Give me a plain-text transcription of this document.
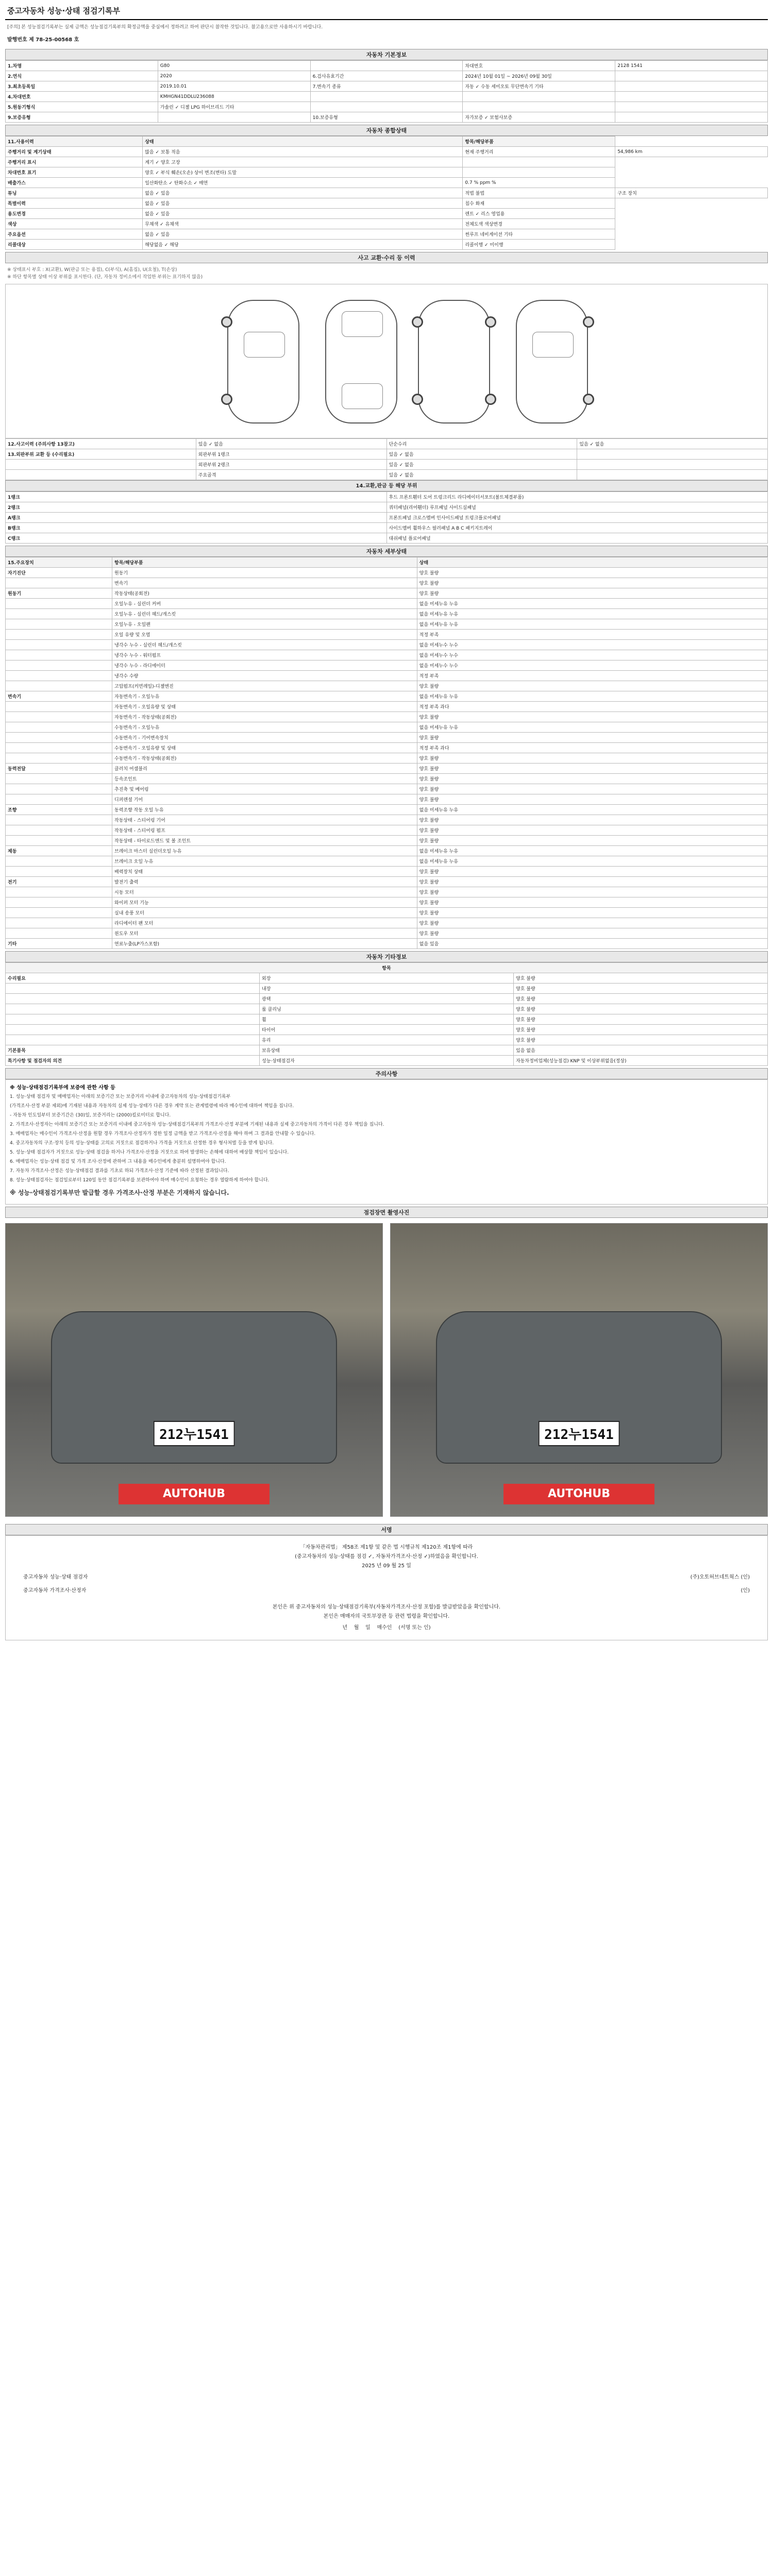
중고자동차 성능·상태 점검기록부
[주의] 본 성능점검기록부는 실제 금액은 성능점검기록부의 확정금액을 중심에서 정하려고 하여 판단시 참작한 것입니다. 참고용으로만 사용하시기 바랍니다.
발행번호 제 78-25-00568 호
자동차 기본정보
1.차명	G80		차대번호	2128 1541
2.연식	2020	6.검사유효기간	2024년 10월 01일 ~ 2026년 09월 30일	
3.최초등록일	2019.10.01	7.변속기 종류	자동 ✓ 수동 세미오토 무단변속기 기타	
4.차대번호	KMHGN41DDLU236088			
5.원동기형식	가솔린 ✓ 디젤 LPG 하이브리드 기타			
9.보증유형		10.보증유형	자가보증 ✓ 보험사보증	
자동차 종합상태
11.사용이력	상태	항목/해당부품	
주행거리 및 계기상태	많음 ✓ 보통 적음	현재 주행거리	54,986 km
주행거리 표시	계기 ✓ 양호 고장		
차대번호 표기	양호 ✓ 부식 훼손(오손) 상이 변조(변타) 도말		
배출가스	일산화탄소 ✓ 탄화수소 ✓ 매연	0.7 % ppm %	
튜닝	없음 ✓ 있음	적법 불법	구조 장치
특별이력	없음 ✓ 있음	침수 화재	
용도변경	없음 ✓ 있음	렌트 ✓ 리스 영업용	
색상	무채색 ✓ 유채색	전체도색 색상변경	
주요옵션	없음 ✓ 있음	썬루프 네비게이션 기타	
리콜대상	해당없음 ✓ 해당	리콜이행 ✓ 미이행	
사고 교환·수리 등 이력
※ 상태표시 부호 : X(교환), W(판금 또는 용접), C(부식), A(흠집), U(요철), T(손상)
※ 하단 항목별 상태 이상 부위를 표시한다. (단, 자동차 정비소에서 작업한 부위는 표기하지 않음)
12.사고이력 (주의사항 13참고)	있음 ✓ 없음	단순수리	있음 ✓ 없음
13.외판부위 교환 등 (수리필요)	외판부위 1랭크	있음 ✓ 없음	
	외판부위 2랭크	있음 ✓ 없음	
	주요골격	있음 ✓ 없음	
14.교환,판금 등 해당 부위
1랭크	후드 프론트휀더 도어 트렁크리드 라디에이터서포트(볼트체결부품)
2랭크	쿼터패널(리어휀더) 루프패널 사이드실패널
A랭크	프론트패널 크로스멤버 인사이드패널 트렁크플로어패널
B랭크	사이드멤버 휠하우스 필러패널 A B C 패키지트레이
C랭크	대쉬패널 플로어패널
자동차 세부상태
15.주요장치	항목/해당부품	상태
자기진단	원동기	양호 불량
	변속기	양호 불량
원동기	작동상태(공회전)	양호 불량
	오일누유 - 실린더 커버	없음 미세누유 누유
	오일누유 - 실린더 헤드/개스킷	없음 미세누유 누유
	오일누유 - 오일팬	없음 미세누유 누유
	오일 유량 및 오염	적정 부족
	냉각수 누수 - 실린더 헤드/개스킷	없음 미세누수 누수
	냉각수 누수 - 워터펌프	없음 미세누수 누수
	냉각수 누수 - 라디에이터	없음 미세누수 누수
	냉각수 수량	적정 부족
	고압펌프(커먼레일)-디젤엔진	양호 불량
변속기	자동변속기 - 오일누유	없음 미세누유 누유
	자동변속기 - 오일유량 및 상태	적정 부족 과다
	자동변속기 - 작동상태(공회전)	양호 불량
	수동변속기 - 오일누유	없음 미세누유 누유
	수동변속기 - 기어변속장치	양호 불량
	수동변속기 - 오일유량 및 상태	적정 부족 과다
	수동변속기 - 작동상태(공회전)	양호 불량
동력전달	클러치 어셈블리	양호 불량
	등속조인트	양호 불량
	추진축 및 베어링	양호 불량
	디퍼렌셜 기어	양호 불량
조향	동력조향 작동 오일 누유	없음 미세누유 누유
	작동상태 - 스티어링 기어	양호 불량
	작동상태 - 스티어링 펌프	양호 불량
	작동상태 - 타이로드엔드 및 볼 조인트	양호 불량
제동	브레이크 마스터 실린더오일 누유	없음 미세누유 누유
	브레이크 오일 누유	없음 미세누유 누유
	배력장치 상태	양호 불량
전기	발전기 출력	양호 불량
	시동 모터	양호 불량
	와이퍼 모터 기능	양호 불량
	실내 송풍 모터	양호 불량
	라디에이터 팬 모터	양호 불량
	윈도우 모터	양호 불량
기타	연료누출(LP가스포함)	없음 있음
자동차 기타정보
항목		
수리필요	외장	양호 불량
	내장	양호 불량
	광택	양호 불량
	룸 클리닝	양호 불량
	휠	양호 불량
	타이어	양호 불량
	유리	양호 불량
기본품목	보유상태	있음 없음
특기사항 및 점검자의 의견	성능·상태점검자	자동차정비업체(성능점검) KNP 및 이상부위없음(정상)
주의사항

※ 성능·상태점검기록부에 보증에 관한 사항 등

1. 성능·상태 점검자 및 매매업자는 아래의 보증기간 또는 보증거리 이내에 중고자동차의 성능·상태점검기록부

(가격조사·산정 부분 제외)에 기재된 내용과 자동차의 실제 성능·상태가 다른 경우 계약 또는 관계법령에 따라 매수인에 대하여 책임을 집니다.

- 자동차 인도일부터 보증기간은 (30)일, 보증거리는 (2000)킬로미터로 합니다.

2. 가격조사·산정자는 아래의 보증기간 또는 보증거리 이내에 중고자동차 성능·상태점검기록부의 가격조사·산정 부분에 기재된 내용과 실제 중고자동차의 가격이 다른 경우 책임을 집니다.

3. 매매업자는 매수인이 가격조사·산정을 원할 경우 가격조사·산정자가 정한 일정 금액을 받고 가격조사·산정을 해야 하며 그 결과를 안내할 수 있습니다.

4. 중고자동차의 구조·장치 등의 성능·상태를 고의로 거짓으로 점검하거나 가격을 거짓으로 산정한 경우 형사처벌 등을 받게 됩니다.

5. 성능·상태 점검자가 거짓으로 성능·상태 점검을 하거나 가격조사·산정을 거짓으로 하여 발생하는 손해에 대하여 배상할 책임이 있습니다.

6. 매매업자는 성능·상태 점검 및 가격 조사·산정에 관하여 그 내용을 매수인에게 충분히 설명하여야 합니다.

7. 자동차 가격조사·산정은 성능·상태점검 결과를 기초로 하되 가격조사·산정 기준에 따라 산정된 결과입니다.

8. 성능·상태점검자는 점검일로부터 120일 동안 점검기록부를 보관하여야 하며 매수인이 요청하는 경우 열람하게 하여야 합니다.

※ 성능·상태점검기록부만 발급할 경우 가격조사·산정 부분은 기재하지 않습니다.
점검장면 촬영사진
212누1541
AUTOHUB
212누1541
AUTOHUB
서명
「자동차관리법」 제58조 제1항 및 같은 법 시행규칙 제120조 제1항에 따라
(중고자동차의 성능·상태를 점검 ✓, 자동차가격조사·산정 ✓)하였음을 확인합니다.
2025 년 09 월 25 일
중고자동차 성능·상태 점검자	(주)오토허브네트웍스 (인)
중고자동차 가격조사·산정자	(인)
본인은 위 중고자동차의 성능·상태점검기록부(자동차가격조사·산정 포함)를 발급받았음을 확인합니다.
본인은 매매자의 국토부장관 등 관련 법령을 확인합니다.
년 월 일 매수인 (서명 또는 인)
